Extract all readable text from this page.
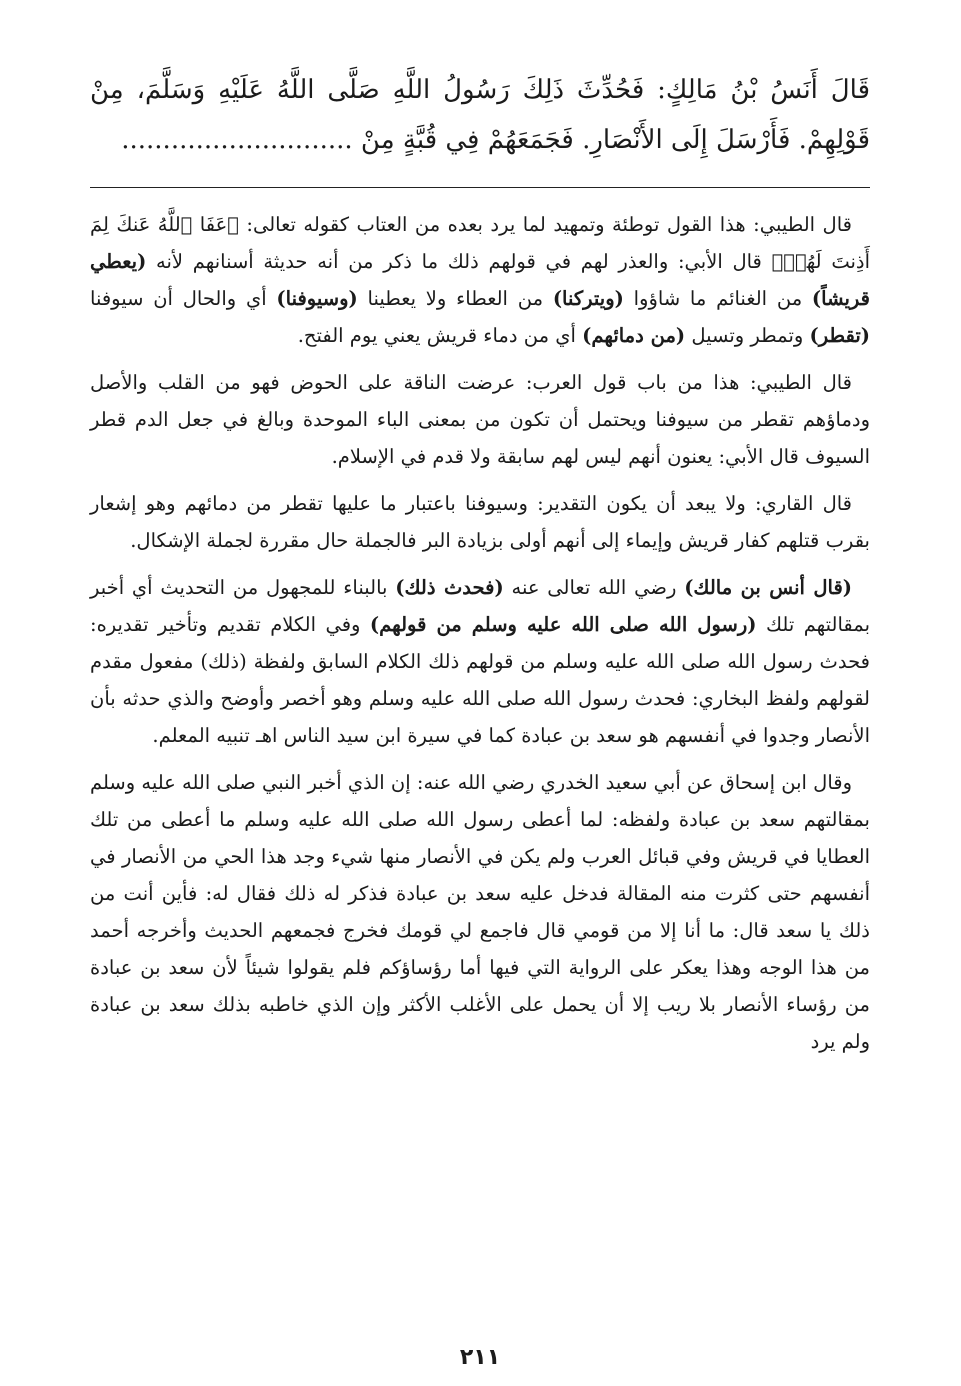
قَالَ أَنَسُ بْنُ مَالِكٍ: فَحُدِّثَ ذَلِكَ رَسُولُ اللَّهِ صَلَّى اللَّهُ عَلَيْهِ وَسَلَّمَ، مِنْ قَوْلِهِمْ. فَأَرْسَلَ إِلَى الأَنْصَارِ. فَجَمَعَهُمْ فِي قُبَّةٍ مِنْ ............................

قال الطيبي: هذا القول توطئة وتمهيد لما يرد بعده من العتاب كقوله تعالى: ﴿عَفَا ٱللَّهُ عَنكَ لِمَ أَذِنتَ لَهُمۡ﴾ قال الأبي: والعذر لهم في قولهم ذلك ما ذكر من أنه حديثة أسنانهم لأنه (يعطي قريشاً) من الغنائم ما شاؤوا (ويتركنا) من العطاء ولا يعطينا (وسيوفنا) أي والحال أن سيوفنا (تقطر) وتمطر وتسيل (من دمائهم) أي من دماء قريش يعني يوم الفتح.

قال الطيبي: هذا من باب قول العرب: عرضت الناقة على الحوض فهو من القلب والأصل ودماؤهم تقطر من سيوفنا ويحتمل أن تكون من بمعنى الباء الموحدة وبالغ في جعل الدم قطر السيوف قال الأبي: يعنون أنهم ليس لهم سابقة ولا قدم في الإسلام.

قال القاري: ولا يبعد أن يكون التقدير: وسيوفنا باعتبار ما عليها تقطر من دمائهم وهو إشعار بقرب قتلهم كفار قريش وإيماء إلى أنهم أولى بزيادة البر فالجملة حال مقررة لجملة الإشكال.

(قال أنس بن مالك) رضي الله تعالى عنه (فحدث ذلك) بالبناء للمجهول من التحديث أي أخبر بمقالتهم تلك (رسول الله صلى الله عليه وسلم من قولهم) وفي الكلام تقديم وتأخير تقديره: فحدث رسول الله صلى الله عليه وسلم من قولهم ذلك الكلام السابق ولفظة (ذلك) مفعول مقدم لقولهم ولفظ البخاري: فحدث رسول الله صلى الله عليه وسلم وهو أخصر وأوضح والذي حدثه بأن الأنصار وجدوا في أنفسهم هو سعد بن عبادة كما في سيرة ابن سيد الناس اهـ تنبيه المعلم.

وقال ابن إسحاق عن أبي سعيد الخدري رضي الله عنه: إن الذي أخبر النبي صلى الله عليه وسلم بمقالتهم سعد بن عبادة ولفظه: لما أعطى رسول الله صلى الله عليه وسلم ما أعطى من تلك العطايا في قريش وفي قبائل العرب ولم يكن في الأنصار منها شيء وجد هذا الحي من الأنصار في أنفسهم حتى كثرت منه المقالة فدخل عليه سعد بن عبادة فذكر له ذلك فقال له: فأين أنت من ذلك يا سعد قال: ما أنا إلا من قومي قال فاجمع لي قومك فخرج فجمعهم الحديث وأخرجه أحمد من هذا الوجه وهذا يعكر على الرواية التي فيها أما رؤساؤكم فلم يقولوا شيئاً لأن سعد بن عبادة من رؤساء الأنصار بلا ريب إلا أن يحمل على الأغلب الأكثر وإن الذي خاطبه بذلك سعد بن عبادة ولم يرد

٢١١
